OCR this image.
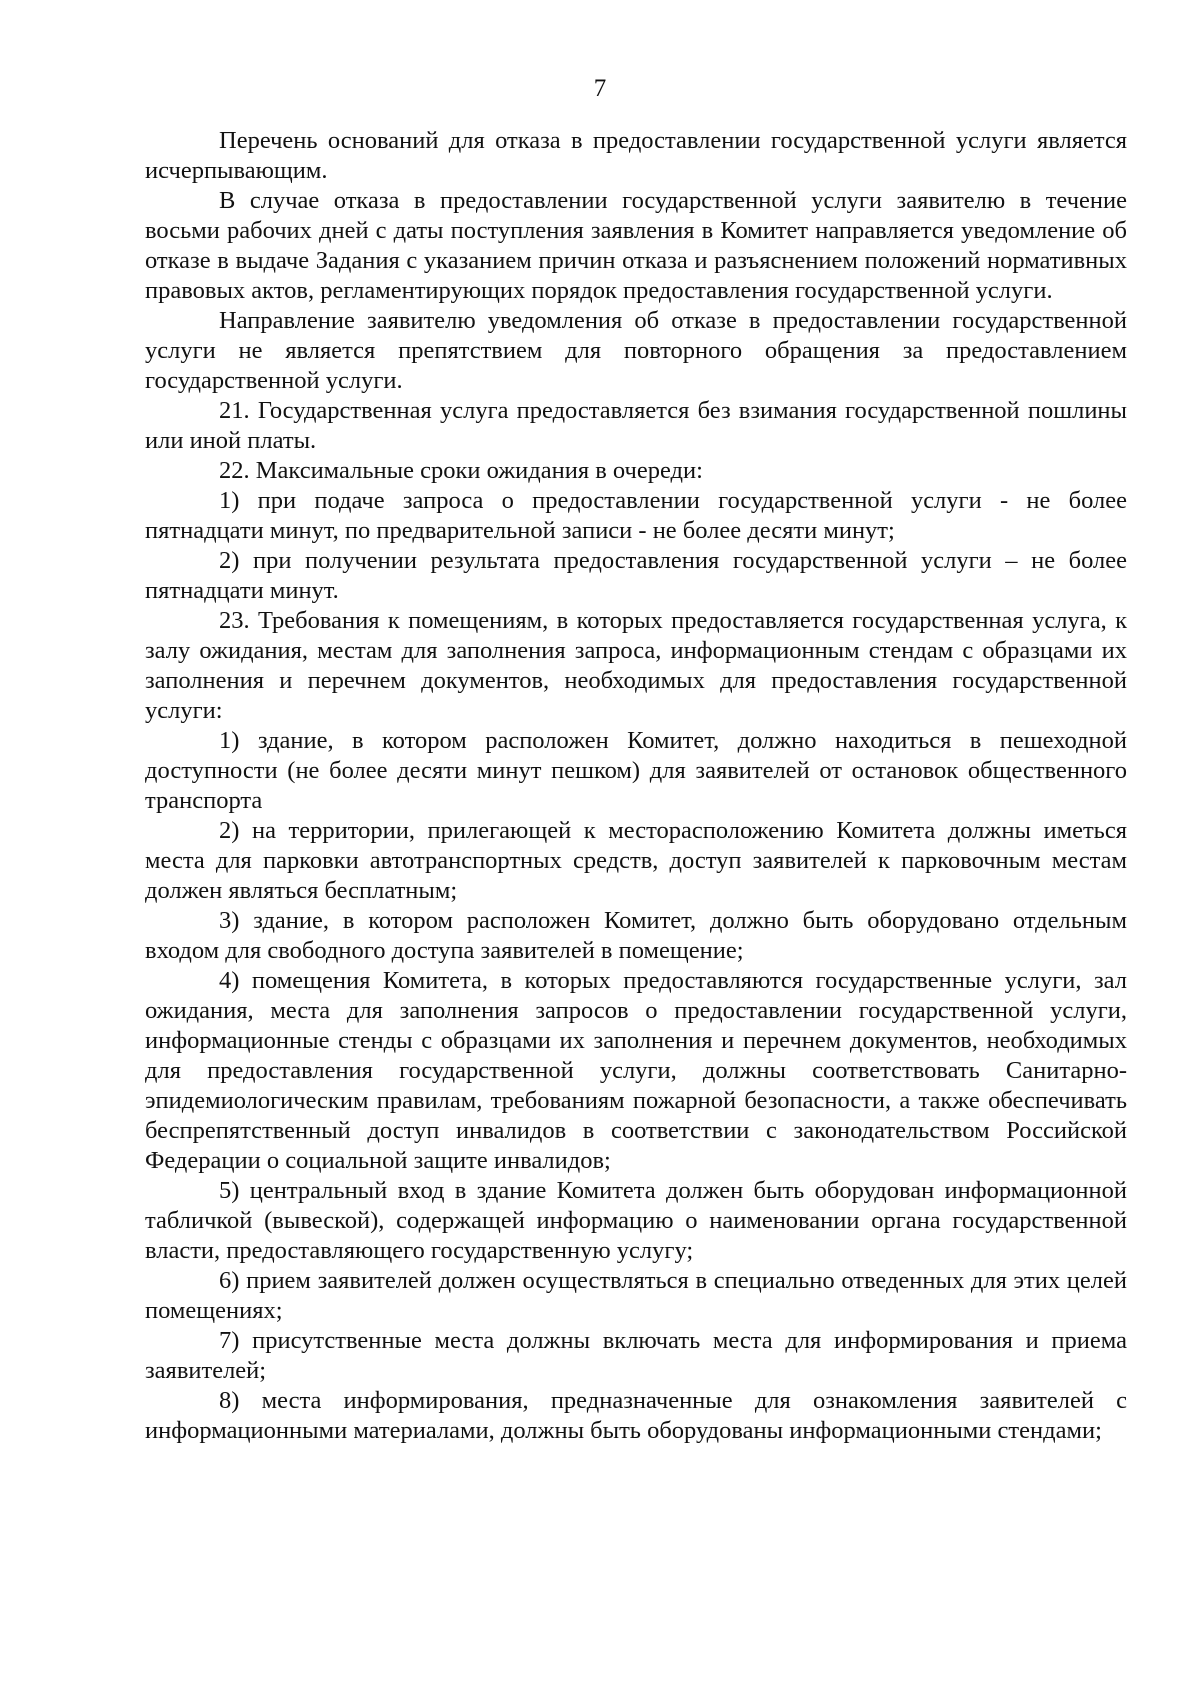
7

Перечень оснований для отказа в предоставлении государственной услуги является исчерпывающим.

В случае отказа в предоставлении государственной услуги заявителю в течение восьми рабочих дней с даты поступления заявления в Комитет направляется уведомление об отказе в выдаче Задания с указанием причин отказа и разъяснением положений нормативных правовых актов, регламентирующих порядок предоставления государственной услуги.

Направление заявителю уведомления об отказе в предоставлении государственной услуги не является препятствием для повторного обращения за предоставлением государственной услуги.

21. Государственная услуга предоставляется без взимания государственной пошлины или иной платы.

22. Максимальные сроки ожидания в очереди:

1) при подаче запроса о предоставлении государственной услуги - не более пятнадцати минут, по предварительной записи - не более десяти минут;

2) при получении результата предоставления государственной услуги – не более пятнадцати минут.

23. Требования к помещениям, в которых предоставляется государственная услуга, к залу ожидания, местам для заполнения запроса, информационным стендам с образцами их заполнения и перечнем документов, необходимых для предоставления государственной услуги:

1) здание, в котором расположен Комитет, должно находиться в пешеходной доступности (не более десяти минут пешком) для заявителей от остановок общественного транспорта

2) на территории, прилегающей к месторасположению Комитета должны иметься места для парковки автотранспортных средств, доступ заявителей к парковочным местам должен являться бесплатным;

3) здание, в котором расположен Комитет, должно быть оборудовано отдельным входом для свободного доступа заявителей в помещение;

4) помещения Комитета, в которых предоставляются государственные услуги, зал ожидания, места для заполнения запросов о предоставлении государственной услуги, информационные стенды с образцами их заполнения и перечнем документов, необходимых для предоставления государственной услуги, должны соответствовать Санитарно-эпидемиологическим правилам, требованиям пожарной безопасности, а также обеспечивать беспрепятственный доступ инвалидов в соответствии с законодательством Российской Федерации о социальной защите инвалидов;

5) центральный вход в здание Комитета должен быть оборудован информационной табличкой (вывеской), содержащей информацию о наименовании органа государственной власти, предоставляющего государственную услугу;

6) прием заявителей должен осуществляться в специально отведенных для этих целей помещениях;

7) присутственные места должны включать места для информирования и приема заявителей;

8) места информирования, предназначенные для ознакомления заявителей с информационными материалами, должны быть оборудованы информационными стендами;
